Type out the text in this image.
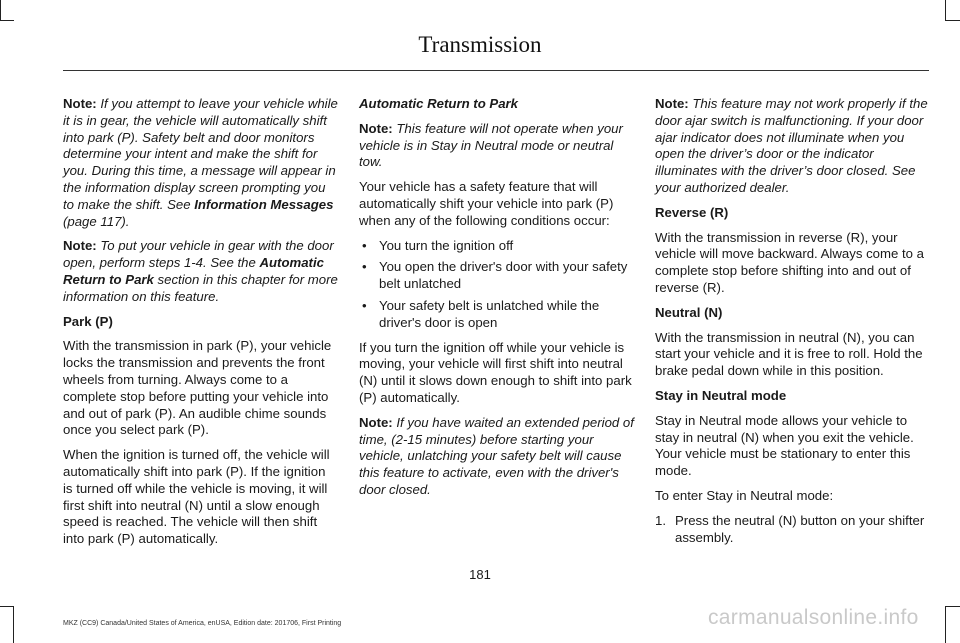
Transmission

Note: If you attempt to leave your vehicle while it is in gear, the vehicle will automatically shift into park (P). Safety belt and door monitors determine your intent and make the shift for you. During this time, a message will appear in the information display screen prompting you to make the shift. See Information Messages (page 117).

Note: To put your vehicle in gear with the door open, perform steps 1-4. See the Automatic Return to Park section in this chapter for more information on this feature.

Park (P)

With the transmission in park (P), your vehicle locks the transmission and prevents the front wheels from turning. Always come to a complete stop before putting your vehicle into and out of park (P). An audible chime sounds once you select park (P).

When the ignition is turned off, the vehicle will automatically shift into park (P). If the ignition is turned off while the vehicle is moving, it will first shift into neutral (N) until a slow enough speed is reached. The vehicle will then shift into park (P) automatically.

Automatic Return to Park

Note: This feature will not operate when your vehicle is in Stay in Neutral mode or neutral tow.

Your vehicle has a safety feature that will automatically shift your vehicle into park (P) when any of the following conditions occur:

• You turn the ignition off
• You open the driver's door with your safety belt unlatched
• Your safety belt is unlatched while the driver's door is open

If you turn the ignition off while your vehicle is moving, your vehicle will first shift into neutral (N) until it slows down enough to shift into park (P) automatically.

Note: If you have waited an extended period of time, (2-15 minutes) before starting your vehicle, unlatching your safety belt will cause this feature to activate, even with the driver's door closed.

Note: This feature may not work properly if the door ajar switch is malfunctioning. If your door ajar indicator does not illuminate when you open the driver’s door or the indicator illuminates with the driver’s door closed. See your authorized dealer.

Reverse (R)

With the transmission in reverse (R), your vehicle will move backward. Always come to a complete stop before shifting into and out of reverse (R).

Neutral (N)

With the transmission in neutral (N), you can start your vehicle and it is free to roll. Hold the brake pedal down while in this position.

Stay in Neutral mode

Stay in Neutral mode allows your vehicle to stay in neutral (N) when you exit the vehicle. Your vehicle must be stationary to enter this mode.

To enter Stay in Neutral mode:

1. Press the neutral (N) button on your shifter assembly.
181
MKZ (CC9) Canada/United States of America, enUSA, Edition date: 201706, First Printing	carmanualsonline.info
